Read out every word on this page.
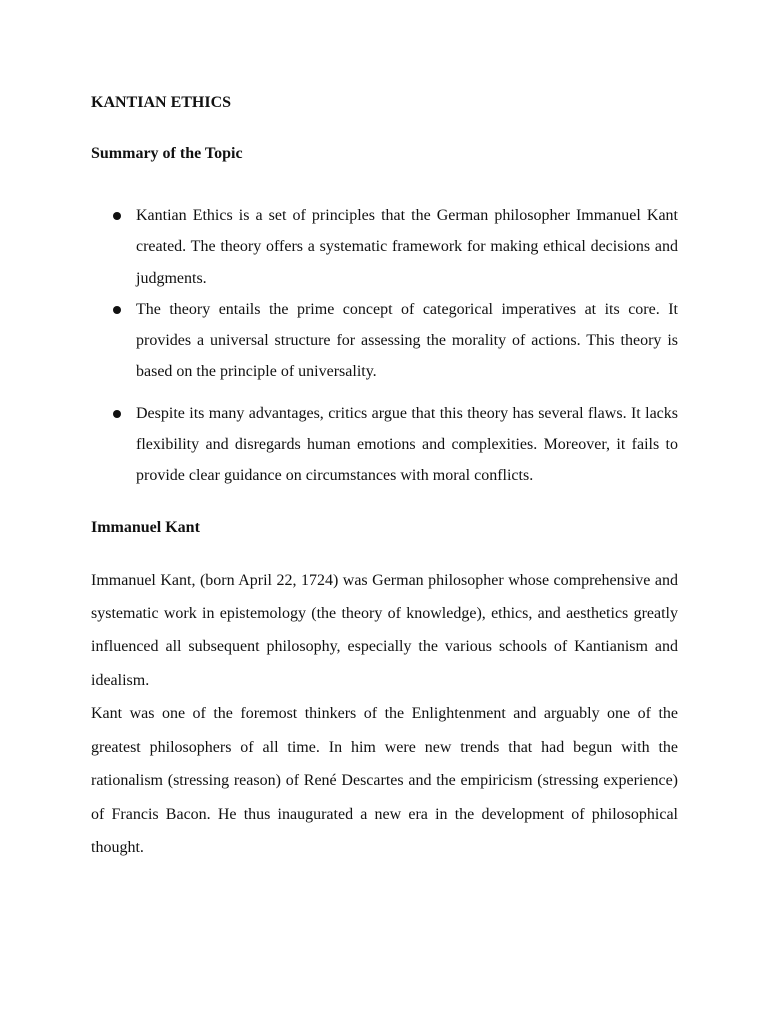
KANTIAN ETHICS
Summary of the Topic
Kantian Ethics is a set of principles that the German philosopher Immanuel Kant created. The theory offers a systematic framework for making ethical decisions and judgments.
The theory entails the prime concept of categorical imperatives at its core. It provides a universal structure for assessing the morality of actions. This theory is based on the principle of universality.
Despite its many advantages, critics argue that this theory has several flaws. It lacks flexibility and disregards human emotions and complexities. Moreover, it fails to provide clear guidance on circumstances with moral conflicts.
Immanuel Kant

Immanuel Kant, (born April 22, 1724) was German philosopher whose comprehensive and systematic work in epistemology (the theory of knowledge), ethics, and aesthetics greatly influenced all subsequent philosophy, especially the various schools of Kantianism and idealism.

Kant was one of the foremost thinkers of the Enlightenment and arguably one of the greatest philosophers of all time. In him were new trends that had begun with the rationalism (stressing reason) of René Descartes and the empiricism (stressing experience) of Francis Bacon. He thus inaugurated a new era in the development of philosophical thought.
